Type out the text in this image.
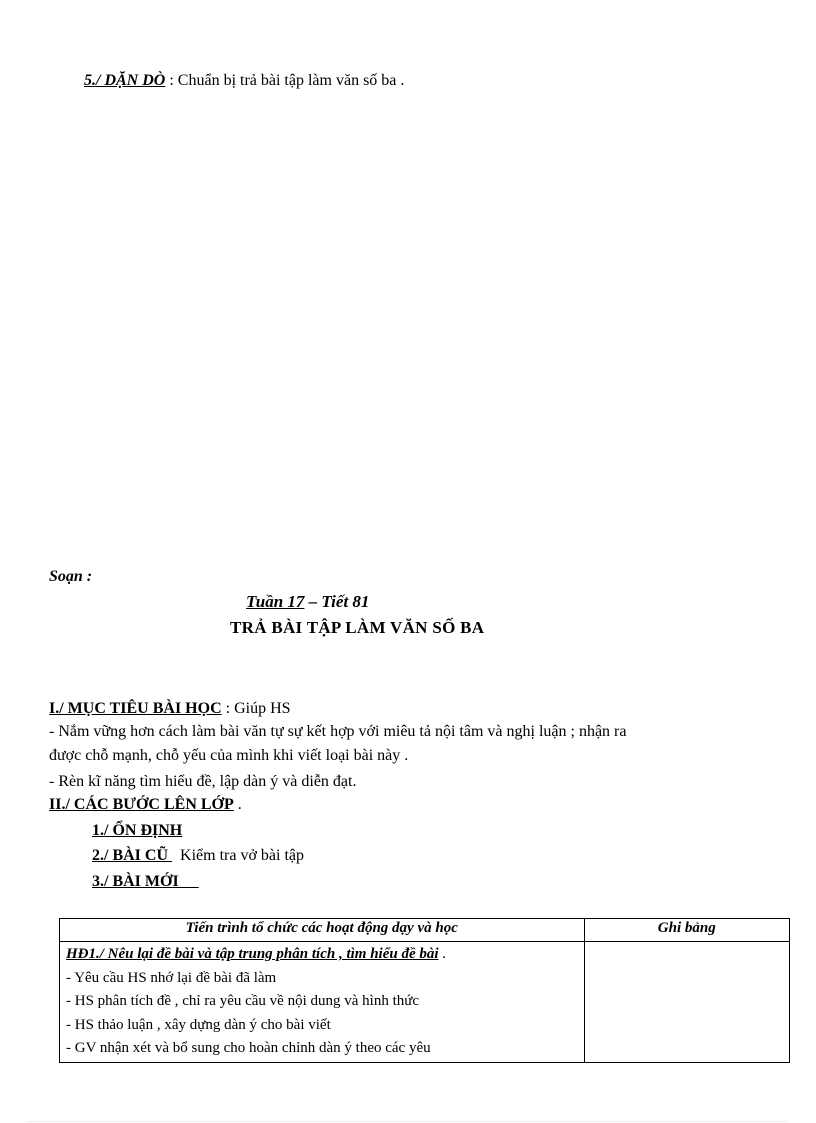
5./ DẶN DÒ : Chuẩn bị trả bài tập làm văn số ba .
Soạn :
Tuần 17 – Tiết 81
TRẢ BÀI TẬP LÀM VĂN SỐ BA
I./ MỤC TIÊU BÀI HỌC : Giúp HS
- Nắm vững hơn cách làm bài văn tự sự kết hợp với miêu tả nội tâm và nghị luận ; nhận ra
được chỗ mạnh, chỗ yếu của mình khi viết loại bài này .
- Rèn kĩ năng tìm hiểu đề, lập dàn ý và diễn đạt.
II./ CÁC BƯỚC LÊN LỚP .
1./ ỔN ĐỊNH
2./ BÀI CŨ   Kiểm tra vở bài tập
3./ BÀI MỚI
Tiến trình tổ chức các hoạt động dạy và học	Ghi bảng

HĐ1./ Nêu lại đề bài và tập trung phân tích , tìm hiểu đề bài .
- Yêu cầu HS nhớ lại đề bài đã làm
- HS phân tích đề , chỉ ra yêu cầu về nội dung và hình thức
- HS thảo luận , xây dựng dàn ý cho bài viết
- GV nhận xét và bổ sung cho hoàn chỉnh dàn ý theo các yêu	
